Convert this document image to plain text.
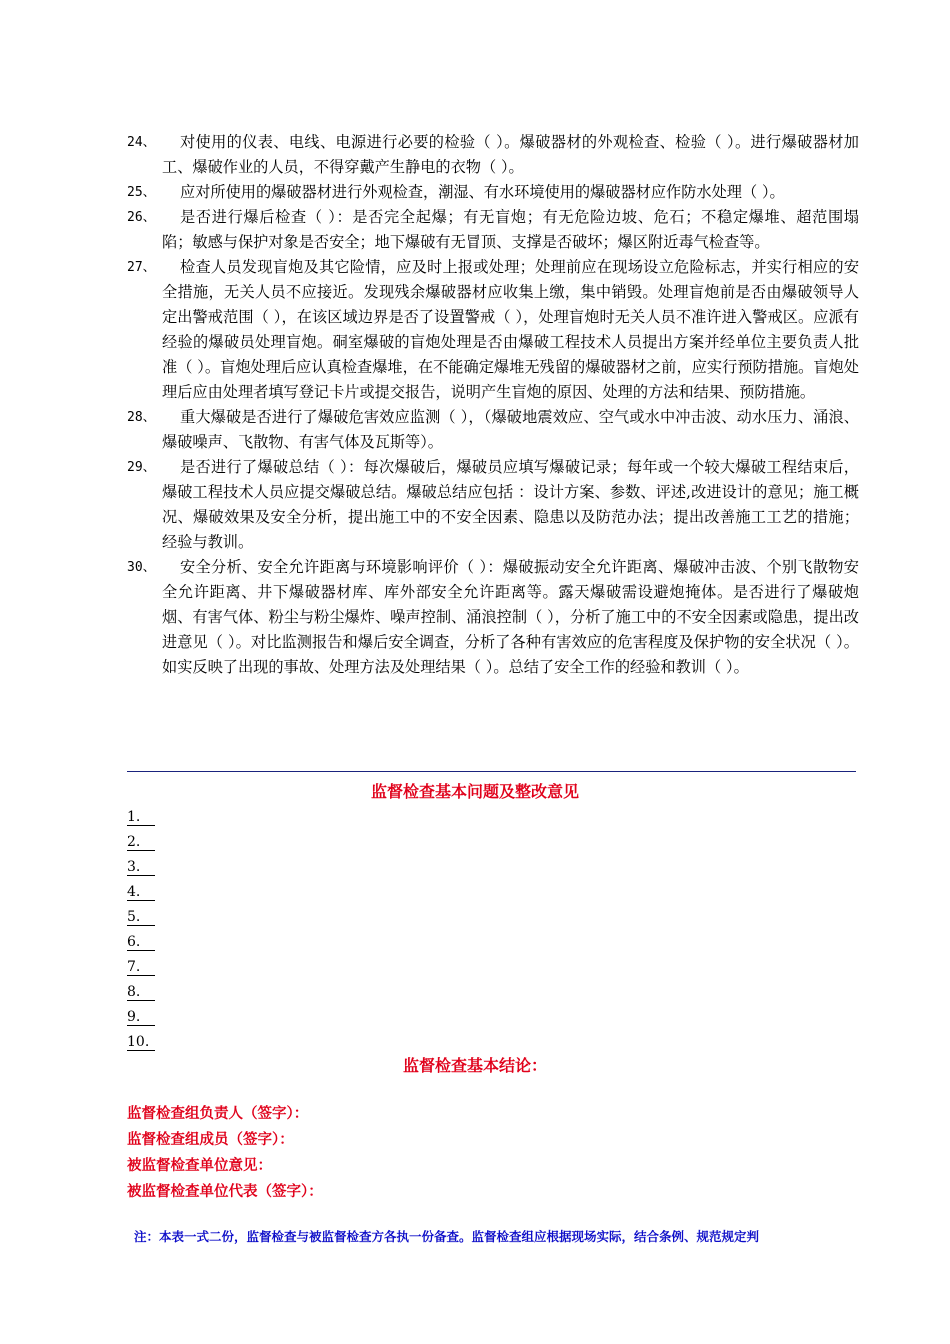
24、	对使用的仪表、电线、电源进行必要的检验（ ）。爆破器材的外观检查、检验（ ）。进行爆破器材加工、爆破作业的人员，不得穿戴产生静电的衣物（ ）。

25、	应对所使用的爆破器材进行外观检查，潮湿、有水环境使用的爆破器材应作防水处理（ ）。

26、	是否进行爆后检查（ ）：是否完全起爆；有无盲炮；有无危险边坡、危石；不稳定爆堆、超范围塌陷；敏感与保护对象是否安全；地下爆破有无冒顶、支撑是否破坏；爆区附近毒气检查等。

27、	检查人员发现盲炮及其它险情，应及时上报或处理；处理前应在现场设立危险标志，并实行相应的安全措施，无关人员不应接近。发现残余爆破器材应收集上缴，集中销毁。处理盲炮前是否由爆破领导人定出警戒范围（ ），在该区域边界是否了设置警戒（ ），处理盲炮时无关人员不准许进入警戒区。应派有经验的爆破员处理盲炮。硐室爆破的盲炮处理是否由爆破工程技术人员提出方案并经单位主要负责人批准（ ）。盲炮处理后应认真检查爆堆，在不能确定爆堆无残留的爆破器材之前，应实行预防措施。盲炮处理后应由处理者填写登记卡片或提交报告，说明产生盲炮的原因、处理的方法和结果、预防措施。

28、	重大爆破是否进行了爆破危害效应监测（ ），（爆破地震效应、空气或水中冲击波、动水压力、涌浪、爆破噪声、飞散物、有害气体及瓦斯等）。

29、	是否进行了爆破总结（ ）：每次爆破后，爆破员应填写爆破记录；每年或一个较大爆破工程结束后，爆破工程技术人员应提交爆破总结。爆破总结应包括 ：设计方案、参数、评述,改进设计的意见；施工概况、爆破效果及安全分析，提出施工中的不安全因素、隐患以及防范办法；提出改善施工工艺的措施；经验与教训。

30、	安全分析、安全允许距离与环境影响评价（ ）：爆破振动安全允许距离、爆破冲击波、个别飞散物安全允许距离、井下爆破器材库、库外部安全允许距离等。露天爆破需设避炮掩体。是否进行了爆破炮烟、有害气体、粉尘与粉尘爆炸、噪声控制、涌浪控制（ ），分析了施工中的不安全因素或隐患，提出改进意见（ ）。对比监测报告和爆后安全调查，分析了各种有害效应的危害程度及保护物的安全状况（ ）。如实反映了出现的事故、处理方法及处理结果（ ）。总结了安全工作的经验和教训（ ）。

监督检查基本问题及整改意见
1.
2.
3.
4.
5.
6.
7.
8.
9.
10.
监督检查基本结论：
监督检查组负责人（签字）：
监督检查组成员（签字）：
被监督检查单位意见：
被监督检查单位代表（签字）：
注：本表一式二份，监督检查与被监督检查方各执一份备查。监督检查组应根据现场实际，结合条例、规范规定判
